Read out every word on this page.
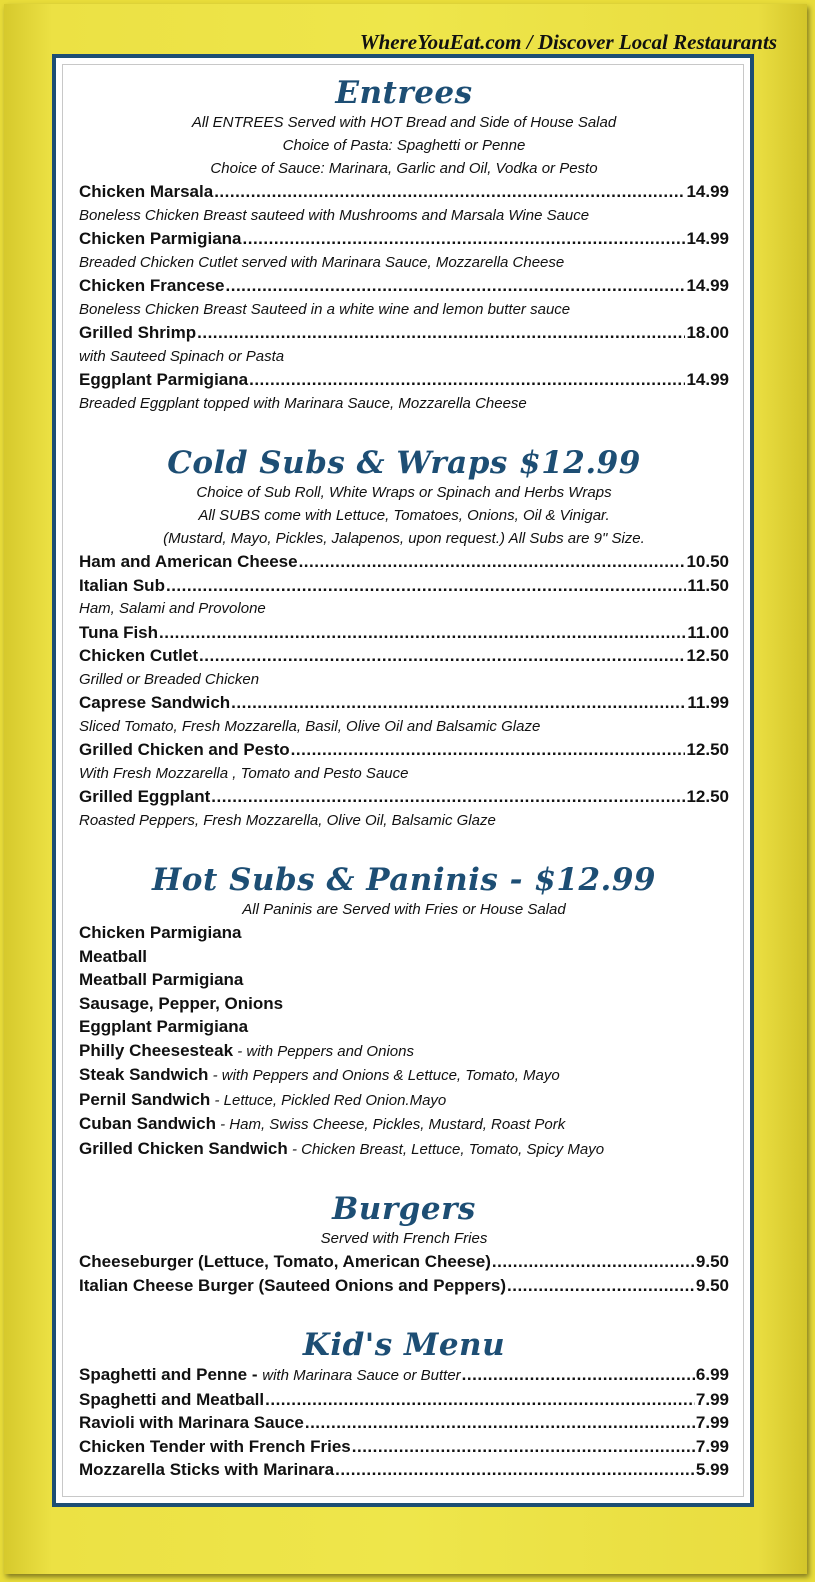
WhereYouEat.com / Discover Local Restaurants
Entrees
All ENTREES Served with HOT Bread and Side of House Salad
Choice of Pasta: Spaghetti or Penne
Choice of Sauce: Marinara, Garlic and Oil, Vodka or Pesto
Chicken Marsala .....	14.99
Boneless Chicken Breast sauteed with Mushrooms and Marsala Wine Sauce
Chicken Parmigiana .....	14.99
Breaded Chicken Cutlet served with Marinara Sauce, Mozzarella Cheese
Chicken Francese .....	14.99
Boneless Chicken Breast Sauteed in a white wine and lemon butter sauce
Grilled Shrimp .....	18.00
with Sauteed Spinach or Pasta
Eggplant Parmigiana .....	14.99
Breaded Eggplant topped with Marinara Sauce, Mozzarella Cheese
Cold Subs & Wraps $12.99
Choice of Sub Roll, White Wraps or Spinach and Herbs Wraps
All SUBS come with Lettuce, Tomatoes, Onions, Oil & Vinigar.
(Mustard, Mayo, Pickles, Jalapenos, upon request.) All Subs are 9" Size.
Ham and American Cheese .....	10.50
Italian Sub .....	11.50
Ham, Salami and Provolone
Tuna Fish .....	11.00
Chicken Cutlet .....	12.50
Grilled or Breaded Chicken
Caprese Sandwich .....	11.99
Sliced Tomato, Fresh Mozzarella, Basil, Olive Oil and Balsamic Glaze
Grilled Chicken and Pesto .....	12.50
With Fresh Mozzarella , Tomato and Pesto Sauce
Grilled Eggplant .....	12.50
Roasted Peppers, Fresh Mozzarella, Olive Oil, Balsamic Glaze
Hot Subs & Paninis - $12.99
All Paninis are Served with Fries or House Salad
Chicken Parmigiana
Meatball
Meatball Parmigiana
Sausage, Pepper, Onions
Eggplant Parmigiana
Philly Cheesesteak - with Peppers and Onions
Steak Sandwich - with Peppers and Onions & Lettuce, Tomato, Mayo
Pernil Sandwich - Lettuce, Pickled Red Onion.Mayo
Cuban Sandwich - Ham, Swiss Cheese, Pickles, Mustard, Roast Pork
Grilled Chicken Sandwich - Chicken Breast, Lettuce, Tomato, Spicy Mayo
Burgers
Served with French Fries
Cheeseburger (Lettuce, Tomato, American Cheese) .....	9.50
Italian Cheese Burger (Sauteed Onions and Peppers) .....	9.50
Kid's Menu
Spaghetti and Penne - with Marinara Sauce or Butter .....	6.99
Spaghetti and Meatball .....	7.99
Ravioli with Marinara Sauce .....	7.99
Chicken Tender with French Fries .....	7.99
Mozzarella Sticks with Marinara .....	5.99
